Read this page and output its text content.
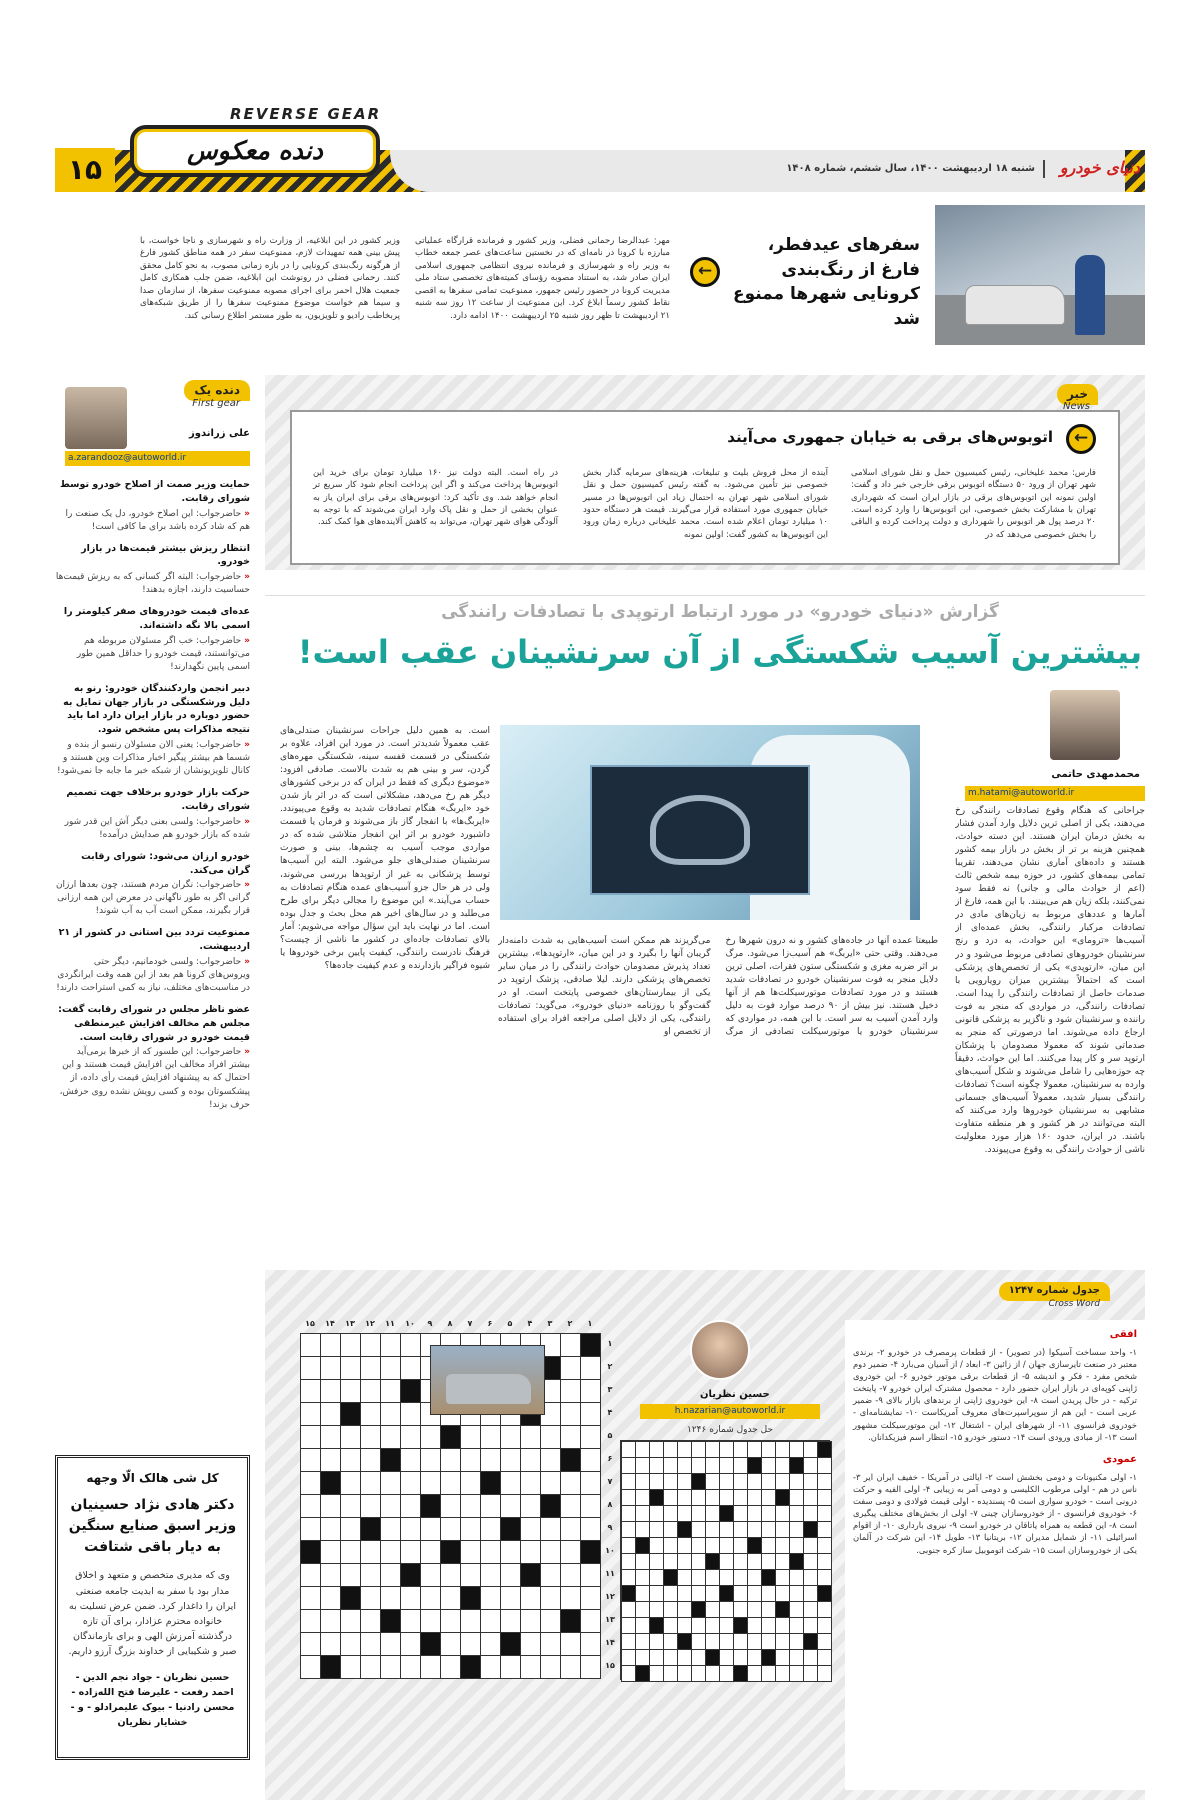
REVERSE GEAR
دنده معکوس
۱۵	شنبه ۱۸ اردیبهشت ۱۴۰۰، سال ششم، شماره ۱۴۰۸ دنیای خودرو
سفرهای عیدفطر، فارغ از رنگ‌بندی کرونایی شهرها ممنوع شد
←
مهر: عبدالرضا رحمانی فضلی، وزیر کشور و فرمانده قرارگاه عملیاتی مبارزه با کرونا در نامه‌ای که در نخستین ساعت‌های عصر جمعه خطاب به وزیر راه و شهرسازی و فرمانده نیروی انتظامی جمهوری اسلامی ایران صادر شد، به استناد مصوبه رؤسای کمیته‌های تخصصی ستاد ملی مدیریت کرونا در حضور رئیس جمهور، ممنوعیت تمامی سفرها به اقصی نقاط کشور رسماً ابلاغ کرد. این ممنوعیت از ساعت ۱۲ روز سه شنبه ۲۱ اردیبهشت تا ظهر روز شنبه ۲۵ اردیبهشت ۱۴۰۰ ادامه دارد.
وزیر کشور در این ابلاغیه، از وزارت راه و شهرسازی و ناجا خواست، با پیش بینی همه تمهیدات لازم، ممنوعیت سفر در همه مناطق کشور فارغ از هرگونه رنگ‌بندی کرونایی را در بازه زمانی مصوب، به نحو کامل محقق کنند. رحمانی فضلی در رونوشت این ابلاغیه، ضمن جلب همکاری کامل جمعیت هلال احمر برای اجرای مصوبه ممنوعیت سفرها، از سازمان صدا و سیما هم خواست موضوع ممنوعیت سفرها را از طریق شبکه‌های پربخاطب رادیو و تلویزیون، به طور مستمر اطلاع رسانی کند.
دنده یک
First gear
علی زراندوز
a.zarandooz@autoworld.ir
حمایت وزیر صمت از اصلاح خودرو توسط شورای رقابت.
«حاضرجواب: این اصلاح خودرو، دل یک صنعت را هم که شاد کرده باشد برای ما کافی است!
انتظار ریزش بیشتر قیمت‌ها در بازار خودرو.
«حاضرجواب: البته اگر کسانی که به ریزش قیمت‌ها حساسیت دارند، اجازه بدهند!
عده‌ای قیمت خودروهای صفر کیلومتر را اسمی بالا نگه داشته‌اند.
«حاضرجواب: خب اگر مسئولان مربوطه هم می‌توانستند، قیمت خودرو را حداقل همین طور اسمی پایین نگهدارند!
دبیر انجمن واردکنندگان خودرو: رنو به دلیل ورشکستگی در بازار جهان تمایل به حضور دوباره در بازار ایران دارد اما باید نتیجه مذاکرات پس مشخص شود.
«حاضرجواب: یعنی الان مسئولان رنسو از بنده و شسما هم بیشتر پیگیر اخبار مذاکرات وین هستند و کانال تلویزیونشان از شبکه خبر ما جابه جا نمی‌شود!
حرکت بازار خودرو برخلاف جهت تصمیم شورای رقابت.
«حاضرجواب: ولسی بعنی دیگر آش این قدر شور شده که بازار خودرو هم صدایش درآمده!
خودرو ارزان می‌شود: شورای رقابت گران می‌کند.
«حاضرجواب: نگران مردم هستند، چون بعدها ارزان گرانی اگر به طور ناگهانی در معرض این همه ارزانی قرار بگیرند، ممکن است آب به آب شوند!
ممنوعیت تردد بین استانی در کشور از ۲۱ اردیبهشت.
«حاضرجواب: ولسی خودمانیم، دیگر حتی ویروس‌های کرونا هم بعد از این همه وقت ایرانگردی در مناسبت‌های مختلف، نیاز به کمی استراحت دارند!
عضو ناظر مجلس در شورای رقابت گفت: مجلس هم مخالف افزایش غیرمنطقی قیمت خودرو در شورای رقابت است.
«حاضرجواب: این طسور که از خبرها برمی‌آید بیشتر افراد مخالف این افزایش قیمت هستند و این احتمال که به پیشنهاد افزایش قیمت رأی داده، از پیشکسوتان بوده و کسی رویش نشده روی حرفش، حرف بزند!
کل شی هالک الّا وجهه
دکتر هادی نژاد حسینیان وزیر اسبق صنایع سنگین به دیار باقی شتافت
وی که مدیری متخصص و متعهد و اخلاق مدار بود با سفر به ابدیت جامعه صنعتی ایران را داغدار کرد. ضمن عرض تسلیت به خانواده محترم عزادار، برای آن تازه درگذشته آمرزش الهی و برای بازماندگان صبر و شکیبایی از خداوند بزرگ آرزو داریم.
حسین نظریان - جواد نجم الدین - احمد رفعت - علیرضا فتح الله‌زاده - محسن رادنیا - بیوک علیمرادلو - و - خشایار نظریان
خبر
News
←
اتوبوس‌های برقی به خیابان جمهوری می‌آیند
فارس: محمد علیخانی، رئیس کمیسیون حمل و نقل شورای اسلامی شهر تهران از ورود ۵۰ دستگاه اتوبوس برقی خارجی خبر داد و گفت: اولین نمونه این اتوبوس‌های برقی در بازار ایران است که شهرداری تهران با مشارکت بخش خصوصی، این اتوبوس‌ها را وارد کرده است. ۲۰ درصد پول هر اتوبوس را شهرداری و دولت پرداخت کرده و الباقی را بخش خصوصی می‌دهد که در
آینده از محل فروش بلیت و تبلیغات، هزینه‌های سرمایه گذار بخش خصوصی نیز تأمین می‌شود. به گفته رئیس کمیسیون حمل و نقل شورای اسلامی شهر تهران به احتمال زیاد این اتوبوس‌ها در مسیر خیابان جمهوری مورد استفاده قرار می‌گیرند. قیمت هر دستگاه حدود ۱۰ میلیارد تومان اعلام شده است. محمد علیخانی درباره زمان ورود این اتوبوس‌ها به کشور گفت: اولین نمونه
در راه است. البته دولت نیز ۱۶۰ میلیارد تومان برای خرید این اتوبوس‌ها پرداخت می‌کند و اگر این پرداخت انجام شود کار سریع تر انجام خواهد شد. وی تأکید کرد: اتوبوس‌های برقی برای ایران یاز به عنوان بخشی از حمل و نقل پاک وارد ایران می‌شوند که با توجه به آلودگی هوای شهر تهران، می‌تواند به کاهش آلاینده‌های هوا کمک کند.
گزارش «دنیای خودرو» در مورد ارتباط ارتوپدی با تصادفات رانندگی
بیشترین آسیب شکستگی از آن سرنشینان عقب است!
محمدمهدی حاتمی
m.hatami@autoworld.ir
جراحانی که هنگام وقوع تصادفات رانندگی رخ می‌دهند، یکی از اصلی ترین دلایل وارد آمدن فشار به بخش درمان ایران هستند. این دسته حوادث، همچنین هزینه بر تر از بخش در بازار بیمه کشور هستند و داده‌های آماری نشان می‌دهند، تقریبا تمامی بیمه‌های کشور، در حوزه بیمه شخص ثالث (اعم از حوادث مالی و جانی) نه فقط سود نمی‌کنند، بلکه زیان هم می‌بینند. با این همه، فارغ از آمارها و عددهای مربوط به زیان‌های مادی در تصادفات مرکبار رانندگی، بخش عمده‌ای از آسیب‌ها «ترومای» این حوادث، به درد و رنج سرنشینان خودروهای تصادفی مربوط می‌شود و در این میان، «ارتوپدی» یکی از تخصص‌های پزشکی است که احتمالاً بیشترین میزان رویارویی با صدمات حاصل از تصادفات رانندگی را پیدا است. تصادفات رانندگی، در مواردی که منجر به فوت راننده و سرنشینان شود و ناگزیر به پزشکی قانونی ارجاع داده می‌شوند. اما درصورتی که منجر به صدماتی شوند که معمولا مصدومان با پزشکان ارتوپد سر و کار پیدا می‌کنند. اما این حوادث، دقیقاً چه حوزه‌هایی را شامل می‌شوند و شکل آسیب‌های وارده به سرنشینان، معمولا چگونه است؟ تصادفات رانندگی بسیار شدید، معمولاً آسیب‌های جسمانی مشابهی به سرنشینان خودروها وارد می‌کنند که البته می‌توانند در هر کشور و هر منطقه متفاوت باشند. در ایران، حدود ۱۶۰ هزار مورد معلولیت ناشی از حوادث رانندگی به وقوع می‌پیوندد.
طبیعتا عمده آنها در جاده‌های کشور و نه درون شهرها رخ می‌دهند. وقتی حتی «ایربگ» هم آسیب‌زا می‌شود. مرگ بر اثر ضربه مغزی و شکستگی ستون فقرات، اصلی ترین دلایل منجر به فوت سرنشینان خودرو در تصادفات شدید هستند و در مورد تصادفات موتورسیکلت‌ها هم از آنها دخیل هستند. نیز بیش از ۹۰ درصد موارد فوت به دلیل وارد آمدن آسیب به سر است. با این همه، در مواردی که سرنشینان خودرو یا موتورسیکلت تصادفی از مرگ می‌گریزند هم ممکن است آسیب‌هایی به شدت دامنه‌دار گریبان آنها را بگیرد و در این میان، «ارتوپدها»، بیشترین تعداد پذیرش مصدومان حوادث رانندگی را در میان سایر تخصص‌های پزشکی دارند. لیلا صادقی، پزشک ارتوپد در یکی از بیمارستان‌های خصوصی پایتخت است. او در گفت‌وگو با روزنامه «دنیای خودرو»، می‌گوید: تصادفات رانندگی، یکی از دلایل اصلی مراجعه افراد برای استفاده از تخصص او
است. به همین دلیل جراحات سرنشینان صندلی‌های عقب معمولاً شدیدتر است. در مورد این افراد، علاوه بر شکستگی در قسمت قفسه سینه، شکستگی مهره‌های گردن، سر و بینی هم به شدت بالاست. صادقی افزود: «موضوع دیگری که فقط در ایران که در برخی کشورهای دیگر هم رخ می‌دهد، مشکلاتی است که در اثر باز شدن خود «ایربگ» هنگام تصادفات شدید به وقوع می‌پیوندد. «ایربگ‌ها» با انفجار گاز باز می‌شوند و فرمان یا قسمت داشبورد خودرو بر اثر این انفجار متلاشی شده که در مواردی موجب آسیب به چشم‌ها، بینی و صورت سرنشینان صندلی‌های جلو می‌شود. البته این آسیب‌ها توسط پزشکانی به غیر از ارتوپدها بررسی می‌شوند، ولی در هر حال جزو آسیب‌های عمده هنگام تصادفات به حساب می‌آیند.» این موضوع را مجالی دیگر برای طرح می‌طلبد و در سال‌های اخیر هم محل بحث و جدل بوده است. اما در نهایت باید این سؤال مواجه می‌شویم: آمار بالای تصادفات جاده‌ای در کشور ما ناشی از چیست؟ فرهنگ نادرست رانندگی، کیفیت پایین برخی خودروها یا شیوه فراگیر بازدارنده و عدم کیفیت جاده‌ها؟
جدول شماره ۱۲۴۷
Cross Word
افقی
۱- واحد سساخت آسیکوا (در تصویر) - از قطعات پرمصرف در خودرو ۲- برندی معتبر در صنعت تایرسازی جهان / از زائین ۳- ابعاد / از آسیان می‌بارد ۴- ضمیر دوم شخص مفرد - فکر و اندیشه ۵- از قطعات برقی موتور خودرو ۶- این خودروی ژاپنی کوپه‌ای در بازار ایران حضور دارد - محصول مشترک ایران خودرو ۷- پایتخت ترکیه - در حال پریدن است ۸- این خودروی ژاپنی از برندهای بازار بالای ۹- ضمیر عربی است - این هم از سوپراسپرت‌های معروف آمریکاست ۱۰- نمایشنامه‌ای - خودروی فرانسوی ۱۱- از شهرهای ایران - اشتغال ۱۲- این موتورسیکلت مشهور است ۱۳- از مبادی ورودی است ۱۴- دستور خودرو ۱۵- انتظار اسم فیزیکدانان.
عمودی
۱- اولی مکنیونات و دومی بخشش است ۲- ایالتی در آمریکا - خفیف ایران ایر ۳- ناس در هم - اولی مرطوب الکلیسی و دومی آمر به زیبایی ۴- اولی الفیه و حرکت درونی است - خودرو سواری است ۵- پسندیده - اولی قیمت فولادی و دومی سفت ۶- خودروی فرانسوی - از خودروسازان چینی ۷- اولی از بخش‌های مختلف پیگیری است ۸- این قطعه به همراه یاتاقان در خودرو است ۹- نیروی بارداری ۱۰- از اقوام اسرائیلی ۱۱- از شمایل مدیران ۱۲- بریتانیا ۱۳- طویل ۱۴- این شرکت در آلمان یکی از خودروسازان است ۱۵- شرکت اتوموبیل ساز کره جنوبی.
حسین نظریان
h.nazarian@autoworld.ir
حل جدول شماره ۱۲۴۶
۱
۲
۳
۴
۵
۶
۷
۸
۹
۱۰
۱۱
۱۲
۱۳
۱۴
۱۵
۱
۲
۳
۴
۵
۶
۷
۸
۹
۱۰
۱۱
۱۲
۱۳
۱۴
۱۵
